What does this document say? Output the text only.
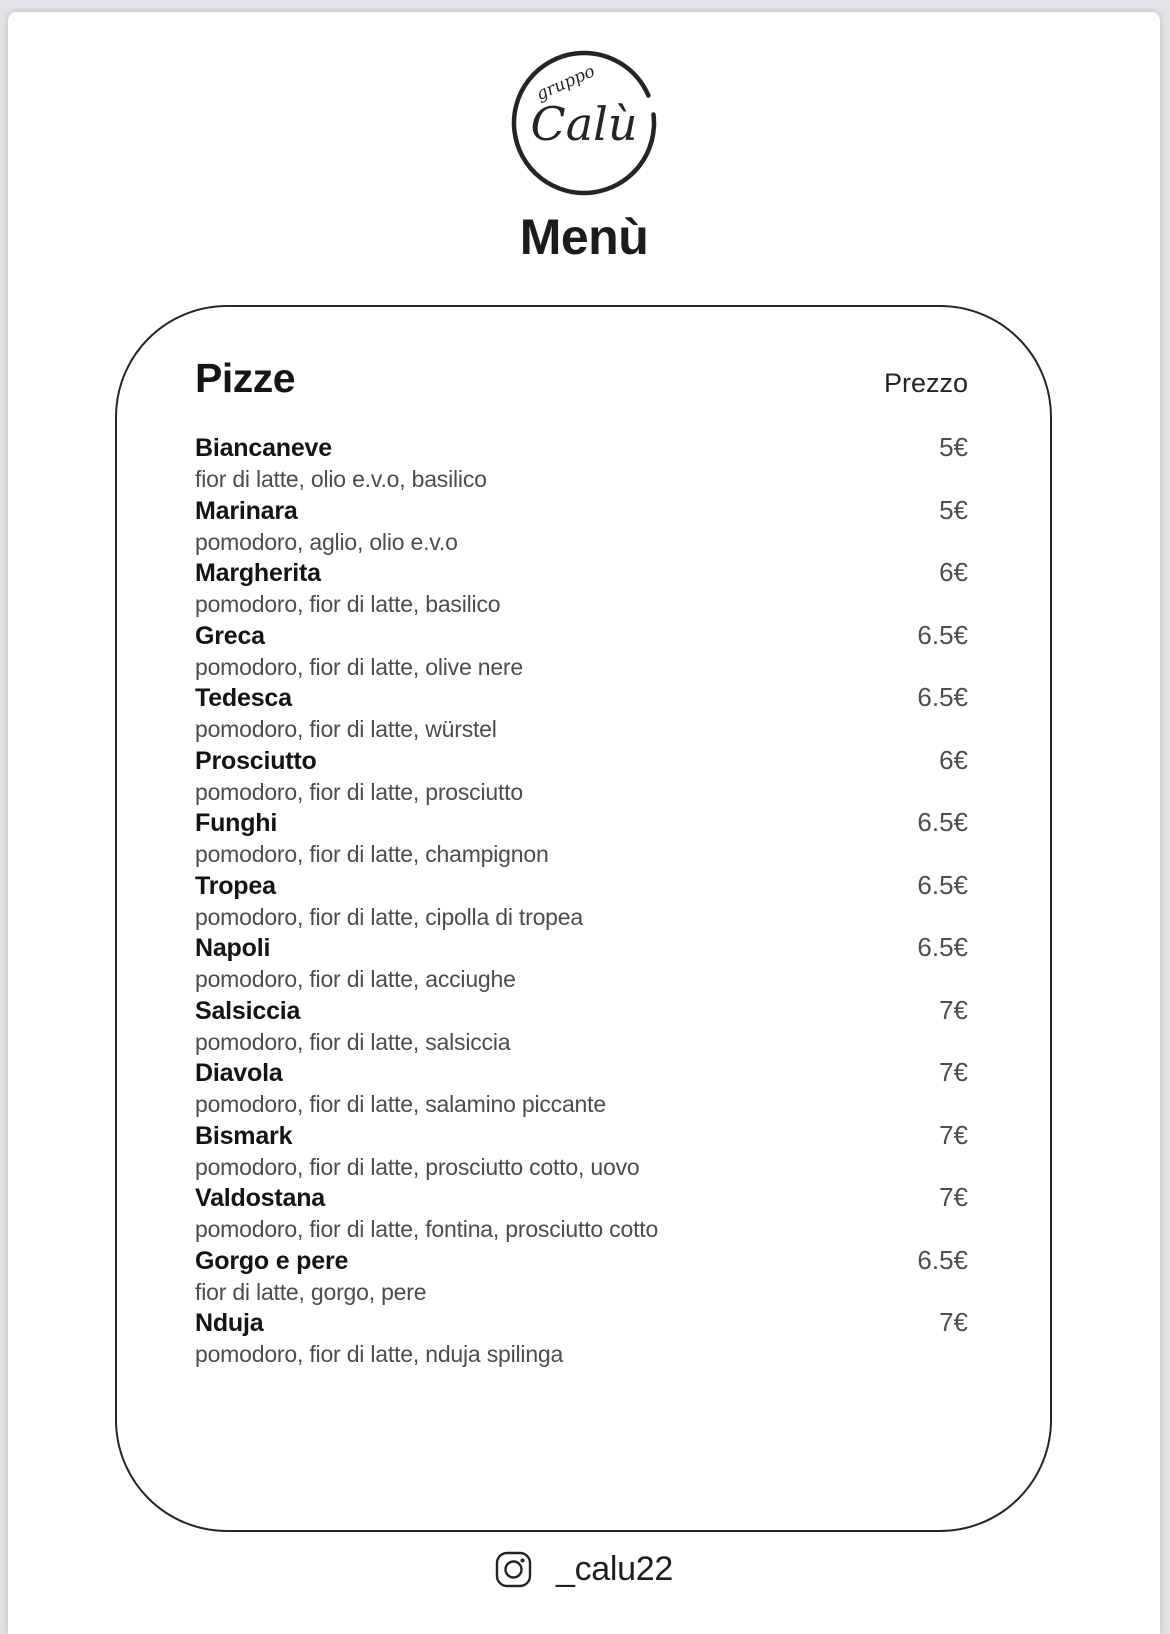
gruppo
Calù
Menù
Pizze	Prezzo
Biancaneve	5€
fior di latte, olio e.v.o, basilico
Marinara	5€
pomodoro, aglio, olio e.v.o
Margherita	6€
pomodoro, fior di latte, basilico
Greca	6.5€
pomodoro, fior di latte, olive nere
Tedesca	6.5€
pomodoro, fior di latte, würstel
Prosciutto	6€
pomodoro, fior di latte, prosciutto
Funghi	6.5€
pomodoro, fior di latte, champignon
Tropea	6.5€
pomodoro, fior di latte, cipolla di tropea
Napoli	6.5€
pomodoro, fior di latte, acciughe
Salsiccia	7€
pomodoro, fior di latte, salsiccia
Diavola	7€
pomodoro, fior di latte, salamino piccante
Bismark	7€
pomodoro, fior di latte, prosciutto cotto, uovo
Valdostana	7€
pomodoro, fior di latte, fontina, prosciutto cotto
Gorgo e pere	6.5€
fior di latte, gorgo, pere
Nduja	7€
pomodoro, fior di latte, nduja spilinga
_calu22
